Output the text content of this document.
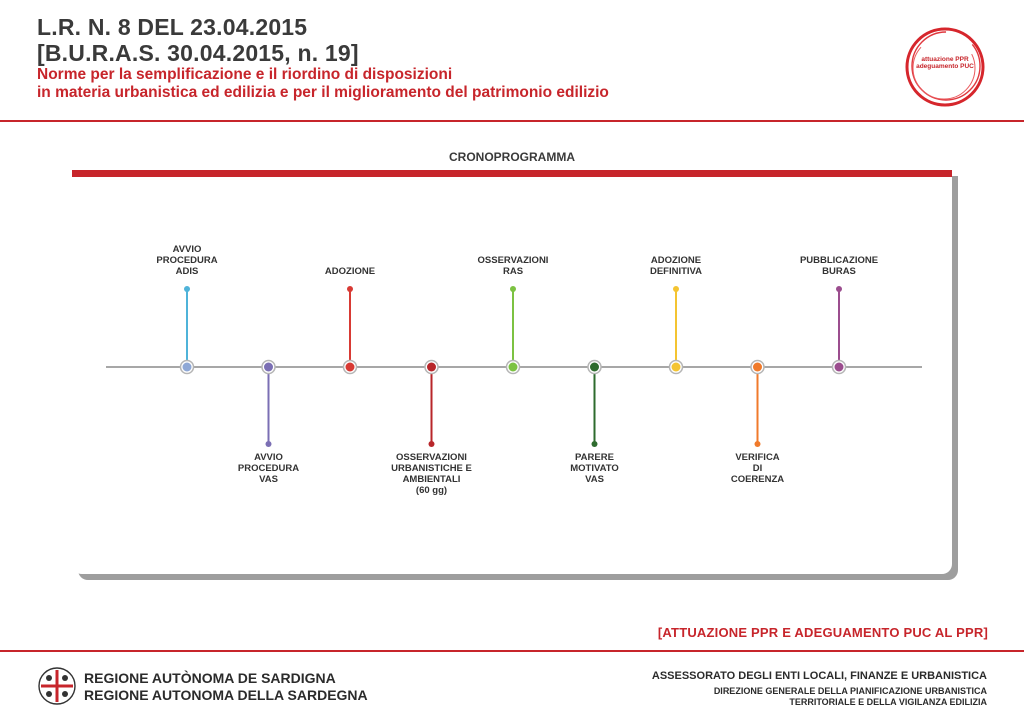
L.R. N. 8 DEL 23.04.2015
[B.U.R.A.S. 30.04.2015, n. 19]
Norme per la semplificazione e il riordino di disposizioni
in materia urbanistica ed edilizia e per il miglioramento del patrimonio edilizio
attuazione PPR
adeguamento PUC
CRONOPROGRAMMA
AVVIO
PROCEDURA
ADIS
AVVIO
PROCEDURA
VAS
ADOZIONE
OSSERVAZIONI
URBANISTICHE E
AMBIENTALI
(60 gg)
OSSERVAZIONI
RAS
PARERE
MOTIVATO
VAS
ADOZIONE
DEFINITIVA
VERIFICA
DI
COERENZA
PUBBLICAZIONE
BURAS
[ATTUAZIONE PPR E ADEGUAMENTO PUC AL PPR]
REGIONE AUTÒNOMA DE SARDIGNA
REGIONE AUTONOMA DELLA SARDEGNA
ASSESSORATO DEGLI ENTI LOCALI, FINANZE E URBANISTICA
DIREZIONE GENERALE DELLA PIANIFICAZIONE URBANISTICA
TERRITORIALE E DELLA VIGILANZA EDILIZIA
